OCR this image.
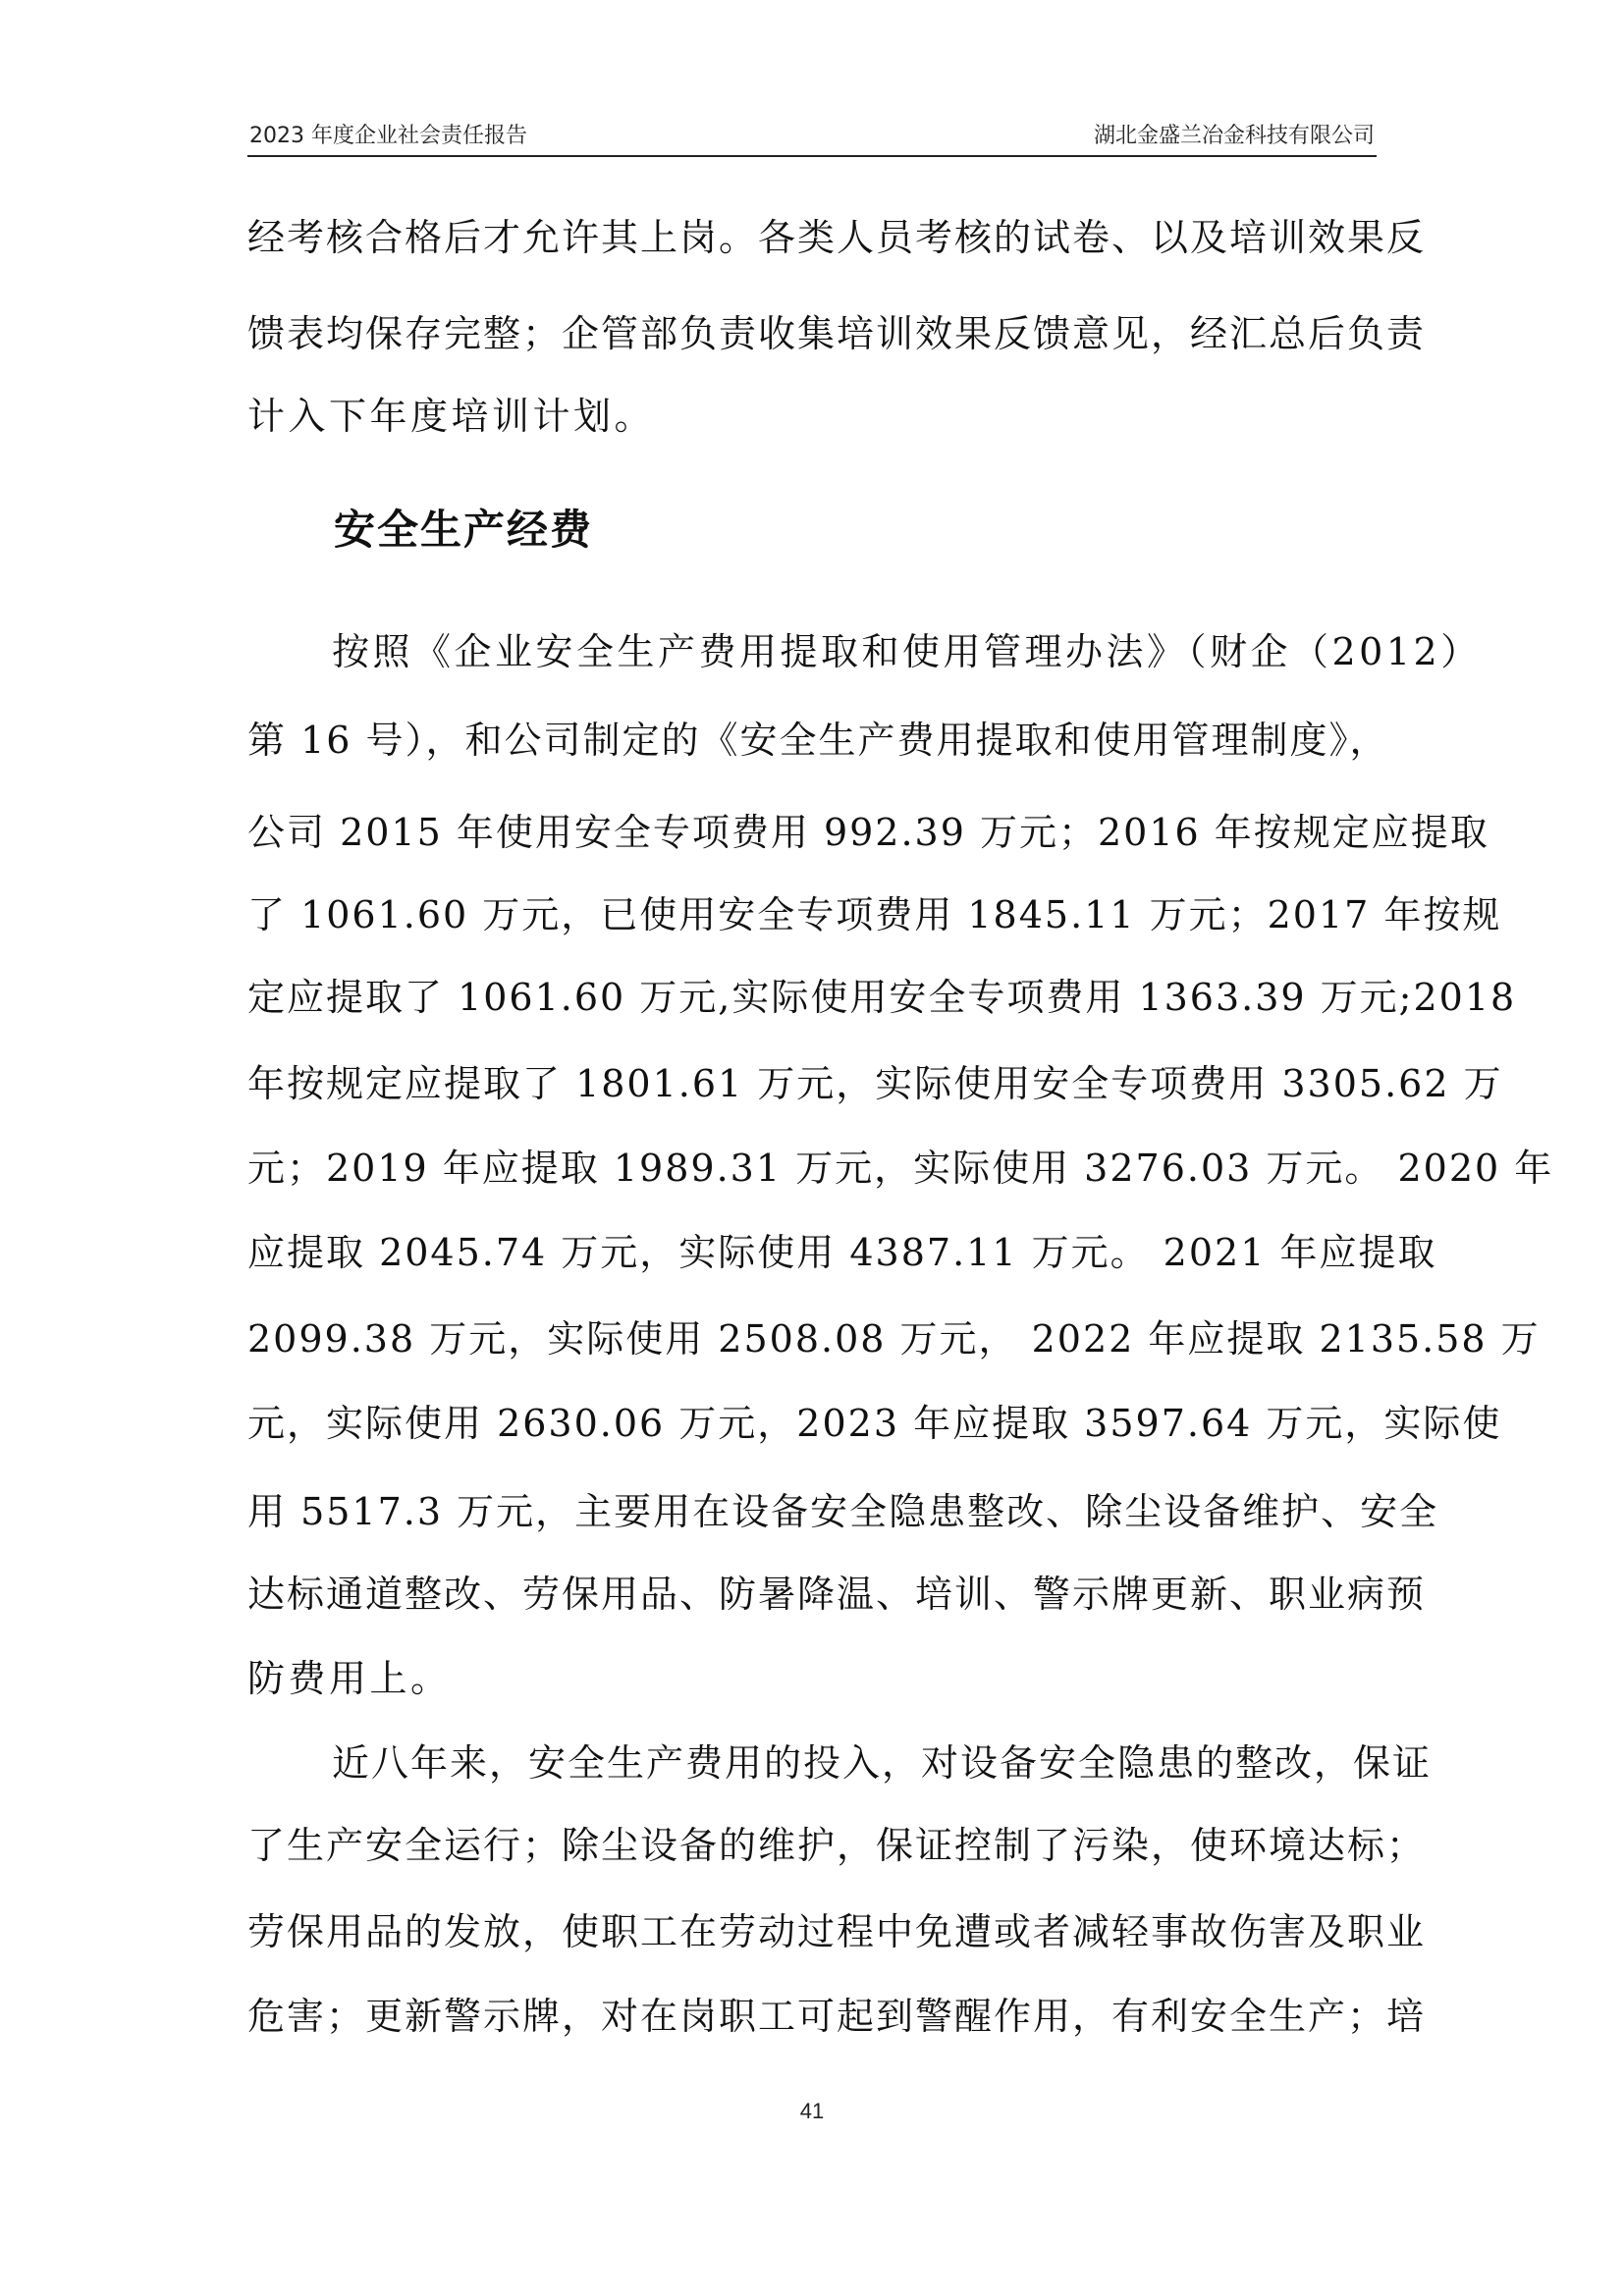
2023 年度企业社会责任报告	湖北金盛兰冶金科技有限公司
经考核合格后才允许其上岗。各类人员考核的试卷、以及培训效果反
馈表均保存完整；企管部负责收集培训效果反馈意见，经汇总后负责
计入下年度培训计划。
安全生产经费
按照《企业安全生产费用提取和使用管理办法》（财企（2012）
第 16 号），和公司制定的《安全生产费用提取和使用管理制度》，
公司 2015 年使用安全专项费用 992.39 万元；2016 年按规定应提取
了 1061.60 万元，已使用安全专项费用 1845.11 万元；2017 年按规
定应提取了 1061.60 万元,实际使用安全专项费用 1363.39 万元;2018
年按规定应提取了 1801.61 万元，实际使用安全专项费用 3305.62 万
元；2019 年应提取 1989.31 万元，实际使用 3276.03 万元。 2020 年
应提取 2045.74 万元，实际使用 4387.11 万元。 2021 年应提取
2099.38 万元，实际使用 2508.08 万元， 2022 年应提取 2135.58 万
元，实际使用 2630.06 万元，2023 年应提取 3597.64 万元，实际使
用 5517.3 万元，主要用在设备安全隐患整改、除尘设备维护、安全
达标通道整改、劳保用品、防暑降温、培训、警示牌更新、职业病预
防费用上。
近八年来，安全生产费用的投入，对设备安全隐患的整改，保证
了生产安全运行；除尘设备的维护，保证控制了污染，使环境达标；
劳保用品的发放，使职工在劳动过程中免遭或者减轻事故伤害及职业
危害；更新警示牌，对在岗职工可起到警醒作用，有利安全生产；培
41
